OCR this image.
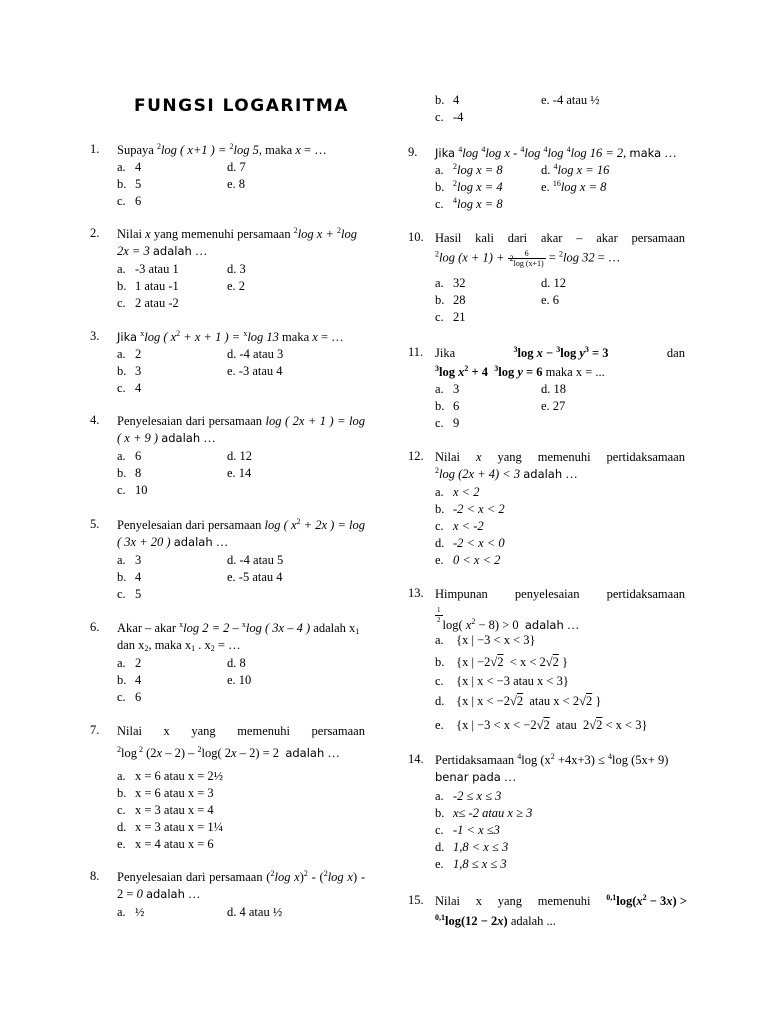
FUNGSI LOGARITMA
1.	Supaya $^2$log ( x+1 ) = $^2$log 5, maka x = …
a. 4
b. 5
c. 6
d. 7
e. 8
2.	Nilai x yang memenuhi persamaan $^2$log x + $^2$log 2x = 3 adalah …
a. -3 atau 1
b. 1 atau -1
c. 2 atau -2
d. 3
e. 2
3.	Jika $^x$log ( $x^2 + x + 1$ ) = $^x$log 13 maka x = …
a. 2
b. 3
c. 4
d. -4 atau 3
e. -3 atau 4
4.	Penyelesaian dari persamaan log ( 2x + 1 ) = log ( x + 9 ) adalah …
a. 6
b. 8
c. 10
d. 12
e. 14
5.	Penyelesaian dari persamaan log ( $x^2 + 2x$ ) = log ( 3x + 20 ) adalah …
a. 3
b. 4
c. 5
d. -4 atau 5
e. -5 atau 4
6.	Akar – akar $^x$log 2 = 2 – $^x$log ( 3x – 4 ) adalah $x_1$ dan $x_2$, maka $x_1$ . $x_2$ = …
a. 2
b. 4
c. 6
d. 8
e. 10
7.	Nilai x yang memenuhi persamaan
$^2$log $^2$ (2x – 2) – $^2$log( 2x – 2) = 2  adalah …
a. x = 6 atau x = 2½
b. x = 6 atau x = 3
c. x = 3 atau x = 4
d. x = 3 atau x = 1¼
e. x = 4 atau x = 6
8.	Penyelesaian dari persamaan ($^2$log x)$^2$ - ($^2$log x) - 2 = 0 adalah …
a. ½	d. 4 atau ½
b. 4
c. -4
e. -4 atau ½
9.	Jika $^4$log $^4$log x - $^4$log $^4$log $^4$log 16 = 2, maka …
a. $^2$log x = 8
b. $^2$log x = 4
c. $^4$log x = 8
d. $^4$log x = 16
e. $^{16}$log x = 8
10. Hasil kali dari akar – akar persamaan
$^2$log $(x + 1) + \frac{6}{^2\log (x+1)} = ^2\log$ 32 = …
a. 32
b. 28
c. 21
d. 12
e. 6
11. Jika	$^3$log x − $^3$log $y^3 = 3$	dan
$^3$log $x^2 + 4$  $^3$log y = 6 maka x = ...
a. 3
b. 6
c. 9
d. 18
e. 27
12. Nilai x yang memenuhi pertidaksamaan
$^2$log (2x + 4) < 3 adalah …
a. x < 2
b. -2 < x < 2
c. x < -2
d. -2 < x < 0
e. 0 < x < 2
13. Himpunan penyelesaian pertidaksamaan
$\frac{1}{2} \log$( $x^2 - 8) > 0$  adalah …
a. {x | −3 < x < 3}
b. {x | −2√2  < x < 2√2 }
c. {x | x < −3 atau x < 3}
d. {x | x < −2√2  atau x < 2√2 }
e. {x | −3 < x < −2√2  atau  2√2 < x < 3}
14. Pertidaksamaan $^4$log $(x^2 +4x+3) \le ^4\log$ (5x+ 9)
benar pada …
a. -2 ≤ x ≤ 3
b. x≤ -2 atau x ≥ 3
c. -1 < x ≤3
d. 1,8 < x ≤ 3
e. 1,8 ≤ x ≤ 3
15. Nilai x yang memenuhi $^{0,1}\log(x^2 - 3x)$ >
$^{0,1}$log(12 − 2x) adalah ...
